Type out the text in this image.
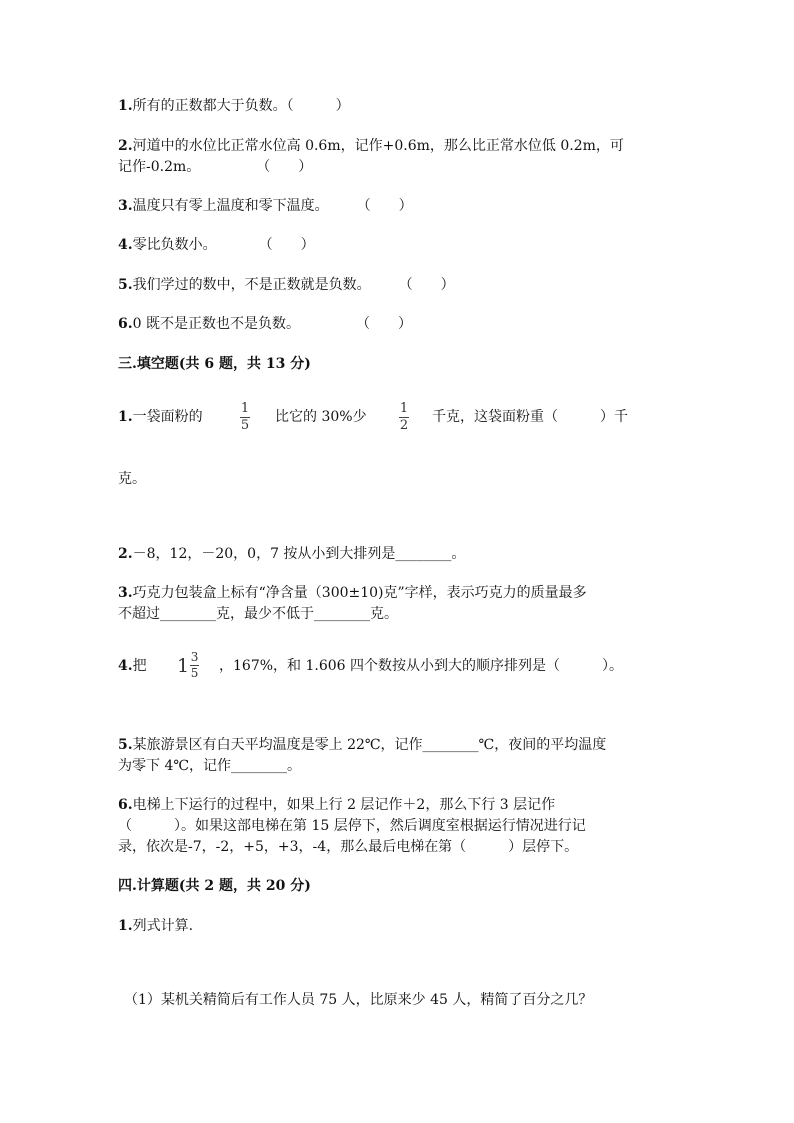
1.所有的正数都大于负数。（　　　）
2.河道中的水位比正常水位高 0.6m，记作+0.6m，那么比正常水位低 0.2m，可
记作-0.2m。　　　　　（　　）
3.温度只有零上温度和零下温度。　　　（　　）
4.零比负数小。　　　　（　　）
5.我们学过的数中，不是正数就是负数。　　　（　　）
6.0 既不是正数也不是负数。　　　　　（　　）
三.填空题(共 6 题，共 13 分)
1.一袋面粉的
1
5
比它的 30%少
1
2
千克，这袋面粉重（　　　）千
克。
2.－8，12，－20，0，7 按从小到大排列是________。
3.巧克力包装盒上标有“净含量（300±10)克”字样，表示巧克力的质量最多
不超过________克，最少不低于________克。
4.把 $1 \frac{3}{5}$ ，167%，和 1.606 四个数按从小到大的顺序排列是（　　　）。
5.某旅游景区有白天平均温度是零上 22℃，记作________℃，夜间的平均温度
为零下 4℃，记作________。
6.电梯上下运行的过程中，如果上行 2 层记作＋2，那么下行 3 层记作
（　　　）。如果这部电梯在第 15 层停下，然后调度室根据运行情况进行记
录，依次是-7，-2，+5，+3，-4，那么最后电梯在第（　　　）层停下。
四.计算题(共 2 题，共 20 分)
1.列式计算.
（1）某机关精简后有工作人员 75 人，比原来少 45 人，精简了百分之几？
